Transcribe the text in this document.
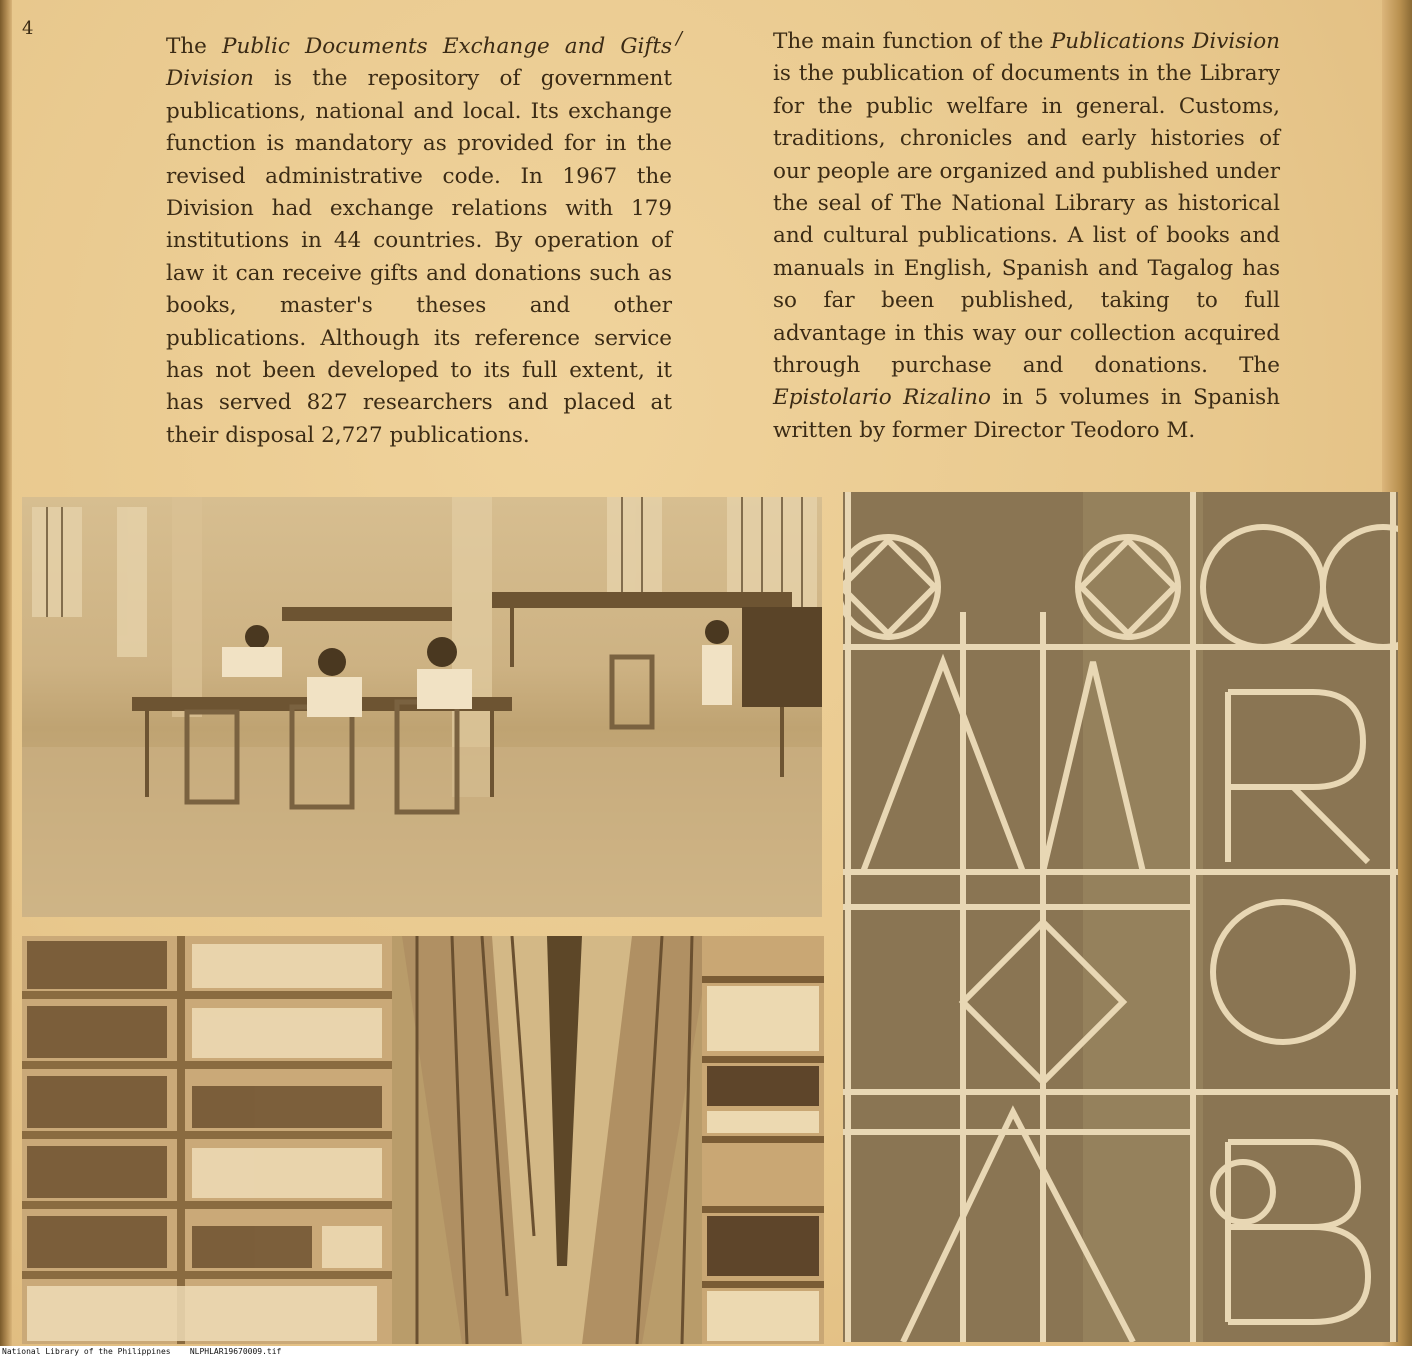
4	/

The Public Documents Exchange and Gifts Division is the repository of government publications, national and local. Its exchange function is mandatory as provided for in the revised administrative code. In 1967 the Division had exchange relations with 179 institutions in 44 countries. By operation of law it can receive gifts and donations such as books, master's theses and other publications. Although its reference service has not been developed to its full extent, it has served 827 researchers and placed at their disposal 2,727 publications.

The main function of the Publications Division is the publication of documents in the Library for the public welfare in general. Customs, traditions, chronicles and early histories of our people are organized and published under the seal of The National Library as historical and cultural publications. A list of books and manuals in English, Spanish and Tagalog has so far been published, taking to full advantage in this way our collection acquired through purchase and donations. The Epistolario Rizalino in 5 volumes in Spanish written by former Director Teodoro M.

National Library of the Philippines NLPHLAR19670009.tif
